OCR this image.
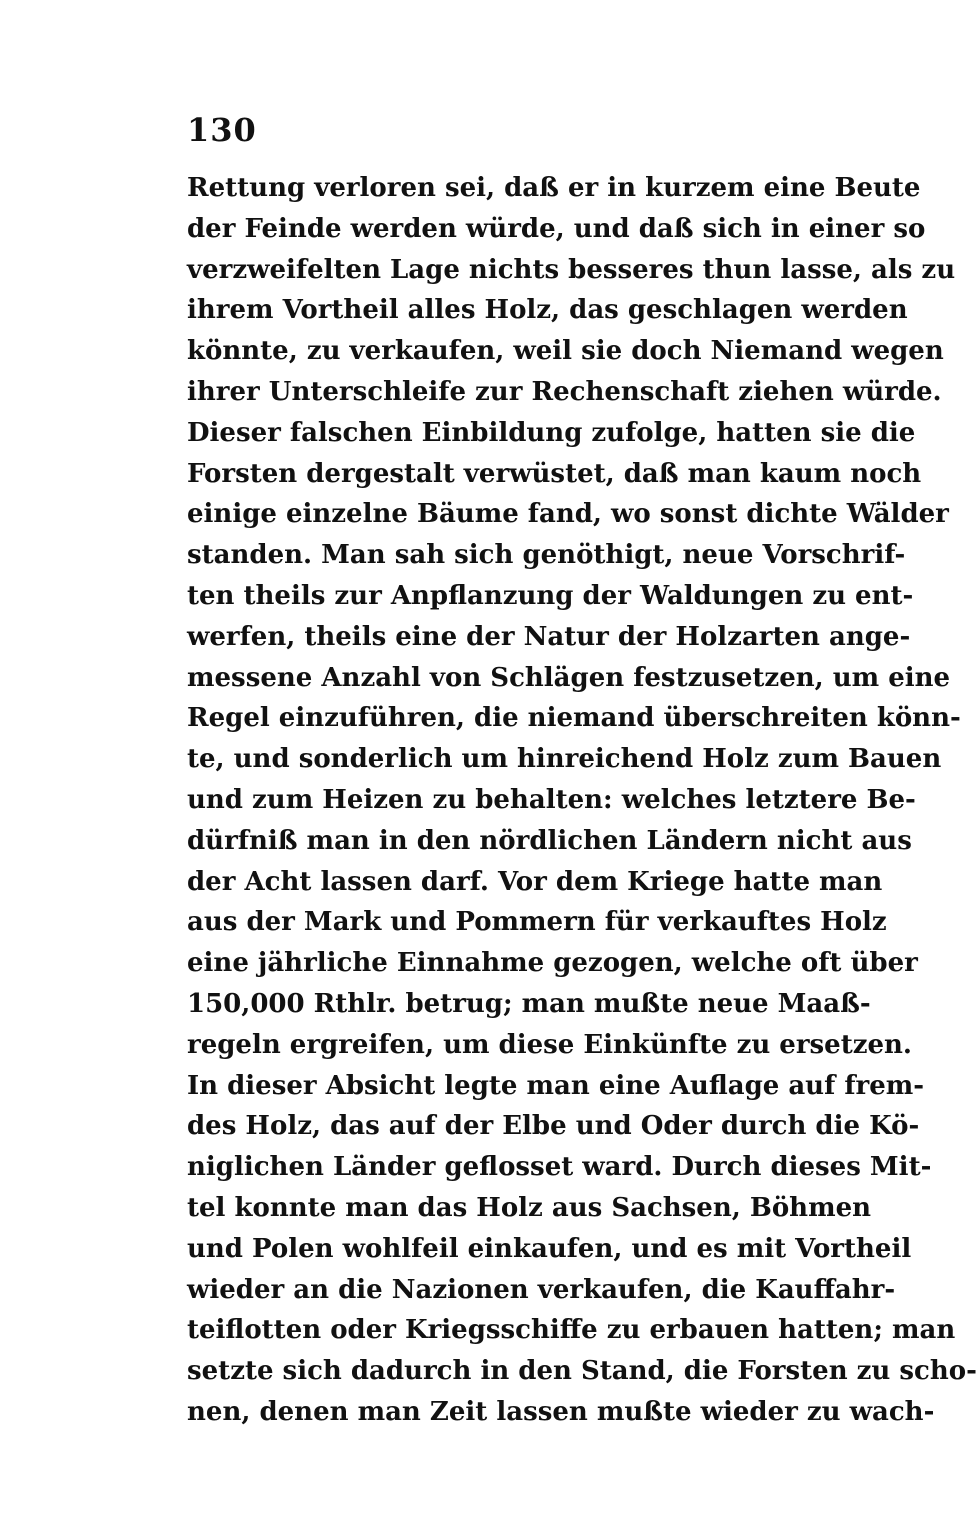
130
Rettung verloren sei, daß er in kurzem eine Beute
der Feinde werden würde, und daß sich in einer so
verzweifelten Lage nichts besseres thun lasse, als zu
ihrem Vortheil alles Holz, das geschlagen werden
könnte, zu verkaufen, weil sie doch Niemand wegen
ihrer Unterschleife zur Rechenschaft ziehen würde.
Dieser falschen Einbildung zufolge, hatten sie die
Forsten dergestalt verwüstet, daß man kaum noch
einige einzelne Bäume fand, wo sonst dichte Wälder
standen. Man sah sich genöthigt, neue Vorschrif-
ten theils zur Anpflanzung der Waldungen zu ent-
werfen, theils eine der Natur der Holzarten ange-
messene Anzahl von Schlägen festzusetzen, um eine
Regel einzuführen, die niemand überschreiten könn-
te, und sonderlich um hinreichend Holz zum Bauen
und zum Heizen zu behalten: welches letztere Be-
dürfniß man in den nördlichen Ländern nicht aus
der Acht lassen darf. Vor dem Kriege hatte man
aus der Mark und Pommern für verkauftes Holz
eine jährliche Einnahme gezogen, welche oft über
150,000 Rthlr. betrug; man mußte neue Maaß-
regeln ergreifen, um diese Einkünfte zu ersetzen.
In dieser Absicht legte man eine Auflage auf frem-
des Holz, das auf der Elbe und Oder durch die Kö-
niglichen Länder geflosset ward. Durch dieses Mit-
tel konnte man das Holz aus Sachsen, Böhmen
und Polen wohlfeil einkaufen, und es mit Vortheil
wieder an die Nazionen verkaufen, die Kauffahr-
teiflotten oder Kriegsschiffe zu erbauen hatten; man
setzte sich dadurch in den Stand, die Forsten zu scho-
nen, denen man Zeit lassen mußte wieder zu wach-
